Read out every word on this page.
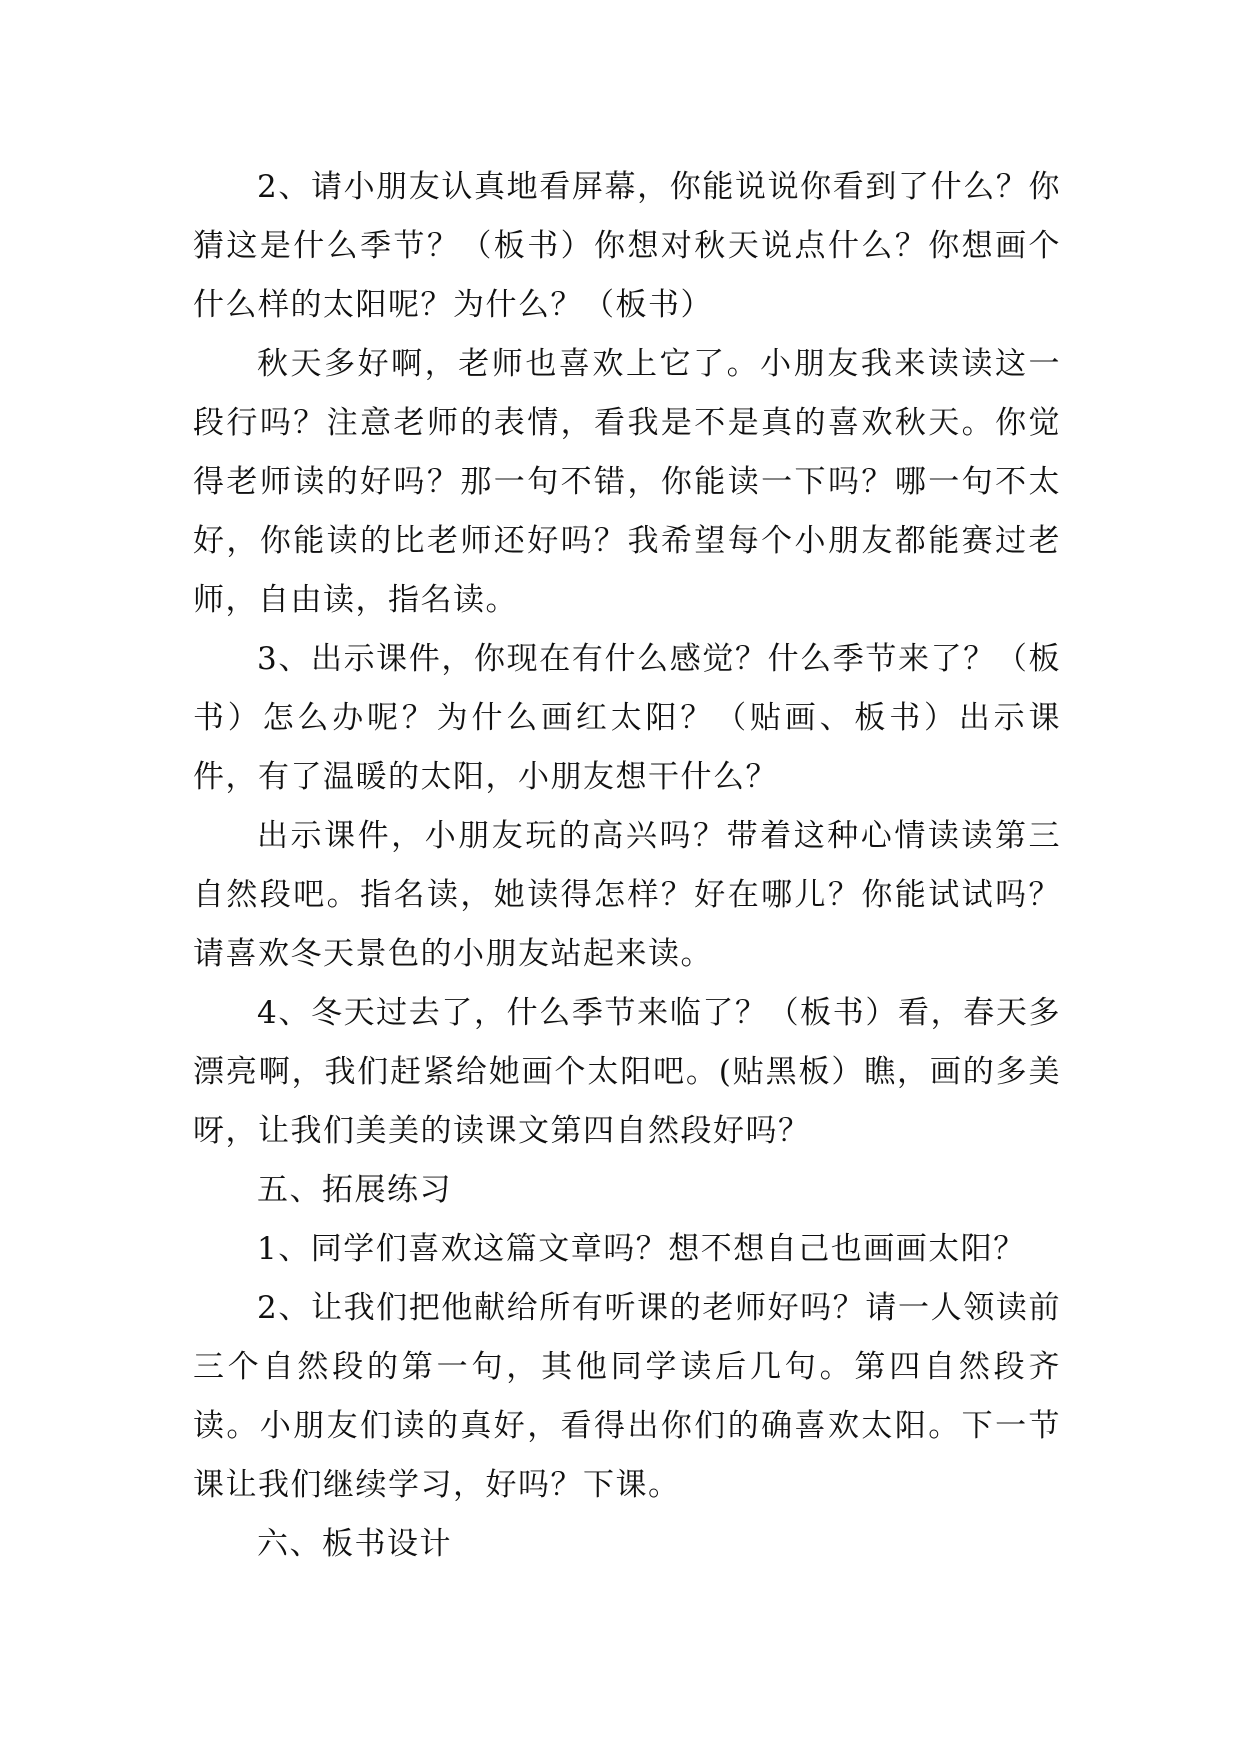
2、请小朋友认真地看屏幕，你能说说你看到了什么？你猜这是什么季节？（板书）你想对秋天说点什么？你想画个什么样的太阳呢？为什么？（板书）

秋天多好啊，老师也喜欢上它了。小朋友我来读读这一段行吗？注意老师的表情，看我是不是真的喜欢秋天。你觉得老师读的好吗？那一句不错，你能读一下吗？哪一句不太好，你能读的比老师还好吗？我希望每个小朋友都能赛过老师，自由读，指名读。

3、出示课件，你现在有什么感觉？什么季节来了？（板书）怎么办呢？为什么画红太阳？（贴画、板书）出示课件，有了温暖的太阳，小朋友想干什么？

出示课件，小朋友玩的高兴吗？带着这种心情读读第三自然段吧。指名读，她读得怎样？好在哪儿？你能试试吗？请喜欢冬天景色的小朋友站起来读。

4、冬天过去了，什么季节来临了？（板书）看，春天多漂亮啊，我们赶紧给她画个太阳吧。(贴黑板）瞧，画的多美呀，让我们美美的读课文第四自然段好吗？

五、拓展练习

1、同学们喜欢这篇文章吗？想不想自己也画画太阳？

2、让我们把他献给所有听课的老师好吗？请一人领读前三个自然段的第一句，其他同学读后几句。第四自然段齐读。小朋友们读的真好，看得出你们的确喜欢太阳。下一节课让我们继续学习，好吗？下课。

六、板书设计
